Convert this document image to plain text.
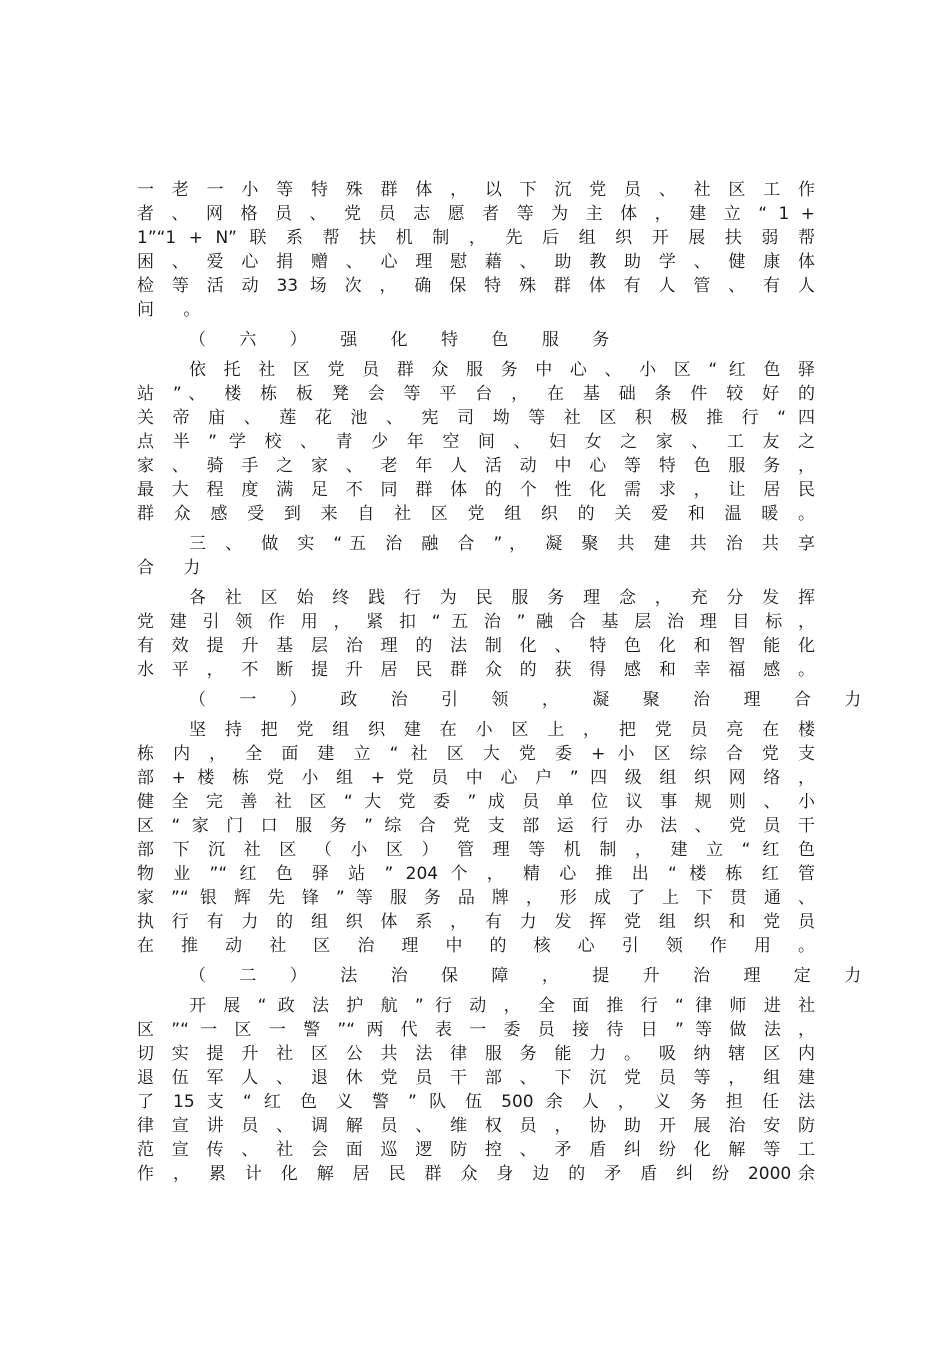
一 老 一 小 等 特 殊 群 体 ， 以 下 沉 党 员 、 社 区 工 作
者 、 网 格 员 、 党 员 志 愿 者 等 为 主 体 ， 建 立 “ 1 +
1”“1 + N” 联 系 帮 扶 机 制 ， 先 后 组 织 开 展 扶 弱 帮
困 、 爱 心 捐 赠 、 心 理 慰 藉 、 助 教 助 学 、 健 康 体
检 等 活 动 33 场 次 ， 确 保 特 殊 群 体 有 人 管 、 有 人
问 。
（ 六 ） 强 化 特 色 服 务
依 托 社 区 党 员 群 众 服 务 中 心 、 小 区 “ 红 色 驿
站 ”、 楼 栋 板 凳 会 等 平 台 ， 在 基 础 条 件 较 好 的
关 帝 庙 、 莲 花 池 、 宪 司 坳 等 社 区 积 极 推 行 “ 四
点 半 ” 学 校 、 青 少 年 空 间 、 妇 女 之 家 、 工 友 之
家 、 骑 手 之 家 、 老 年 人 活 动 中 心 等 特 色 服 务 ，
最 大 程 度 满 足 不 同 群 体 的 个 性 化 需 求 ， 让 居 民
群 众 感 受 到 来 自 社 区 党 组 织 的 关 爱 和 温 暖 。
三 、 做 实 “五 治 融 合 ”， 凝 聚 共 建 共 治 共 享
合 力
各 社 区 始 终 践 行 为 民 服 务 理 念 ， 充 分 发 挥
党 建 引 领 作 用 ， 紧 扣 “ 五 治 ” 融 合 基 层 治 理 目 标 ，
有 效 提 升 基 层 治 理 的 法 制 化 、 特 色 化 和 智 能 化
水 平 ， 不 断 提 升 居 民 群 众 的 获 得 感 和 幸 福 感 。
（ 一 ） 政 治 引 领 ， 凝 聚 治 理 合 力
坚 持 把 党 组 织 建 在 小 区 上 ， 把 党 员 亮 在 楼
栋 内 ， 全 面 建 立 “ 社 区 大 党 委 + 小 区 综 合 党 支
部 + 楼 栋 党 小 组 + 党 员 中 心 户 ” 四 级 组 织 网 络 ，
健 全 完 善 社 区 “ 大 党 委 ” 成 员 单 位 议 事 规 则 、 小
区 “ 家 门 口 服 务 ” 综 合 党 支 部 运 行 办 法 、 党 员 干
部 下 沉 社 区 （ 小 区 ） 管 理 等 机 制 ， 建 立 “ 红 色
物 业 ”“ 红 色 驿 站 ” 204 个 ， 精 心 推 出 “ 楼 栋 红 管
家 ”“ 银 辉 先 锋 ” 等 服 务 品 牌 ， 形 成 了 上 下 贯 通 、
执 行 有 力 的 组 织 体 系 ， 有 力 发 挥 党 组 织 和 党 员
在 推 动 社 区 治 理 中 的 核 心 引 领 作 用 。
（ 二 ） 法 治 保 障 ， 提 升 治 理 定 力
开 展 “ 政 法 护 航 ” 行 动 ， 全 面 推 行 “ 律 师 进 社
区 ”“ 一 区 一 警 ”“ 两 代 表 一 委 员 接 待 日 ” 等 做 法 ，
切 实 提 升 社 区 公 共 法 律 服 务 能 力 。 吸 纳 辖 区 内
退 伍 军 人 、 退 休 党 员 干 部 、 下 沉 党 员 等 ， 组 建
了 15 支 “ 红 色 义 警 ” 队 伍 500 余 人 ， 义 务 担 任 法
律 宣 讲 员 、 调 解 员 、 维 权 员 ， 协 助 开 展 治 安 防
范 宣 传 、 社 会 面 巡 逻 防 控 、 矛 盾 纠 纷 化 解 等 工
作 ， 累 计 化 解 居 民 群 众 身 边 的 矛 盾 纠 纷 2000余
